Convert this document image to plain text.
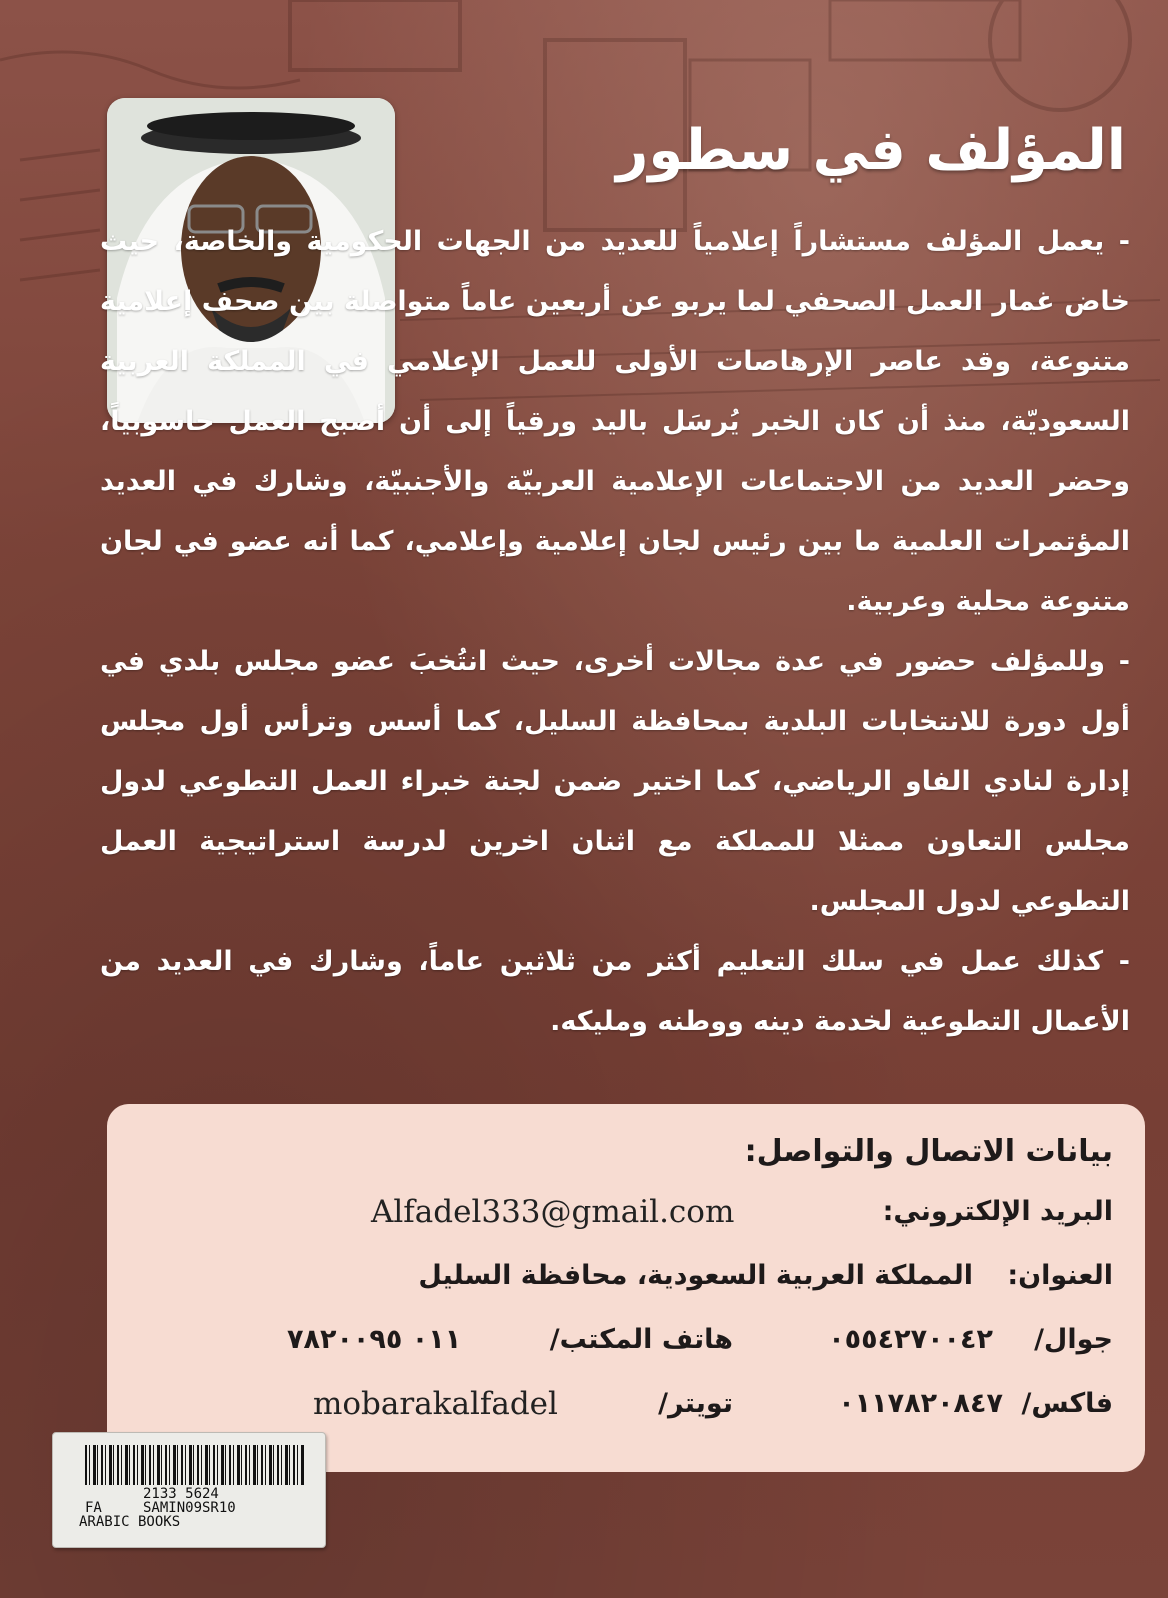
المؤلف في سطور

- يعمل المؤلف مستشاراً إعلامياً للعديد من الجهات الحكومية والخاصة، حيث خاض غمار العمل الصحفي لما يربو عن أربعين عاماً متواصلة بين صحف إعلامية متنوعة، وقد عاصر الإرهاصات الأولى للعمل الإعلامي في المملكة العربية السعوديّة، منذ أن كان الخبر يُرسَل باليد ورقياً إلى أن أصبح العمل حاسوبياً، وحضر العديد من الاجتماعات الإعلامية العربيّة والأجنبيّة، وشارك في العديد المؤتمرات العلمية ما بين رئيس لجان إعلامية وإعلامي، كما أنه عضو في لجان متنوعة محلية وعربية.

- وللمؤلف حضور في عدة مجالات أخرى، حيث انتُخبَ عضو مجلس بلدي في أول دورة للانتخابات البلدية بمحافظة السليل، كما أسس وترأس أول مجلس إدارة لنادي الفاو الرياضي، كما اختير ضمن لجنة خبراء العمل التطوعي لدول مجلس التعاون ممثلا للمملكة مع اثنان اخرين لدرسة استراتيجية العمل التطوعي لدول المجلس.

- كذلك عمل في سلك التعليم أكثر من ثلاثين عاماً، وشارك في العديد من الأعمال التطوعية لخدمة دينه ووطنه ومليكه.

بيانات الاتصال والتواصل:
البريد الإلكتروني:
Alfadel333@gmail.com
العنوان:
المملكة العربية السعودية، محافظة السليل
جوال/
٠٥٥٤٢٧٠٠٤٢
هاتف المكتب/
٠١١ ٧٨٢٠٠٩٥
فاكس/
٠١١٧٨٢٠٨٤٧
تويتر/
mobarakalfadel
2133 5624
FA	SAMIN09SR10
ARABIC BOOKS
